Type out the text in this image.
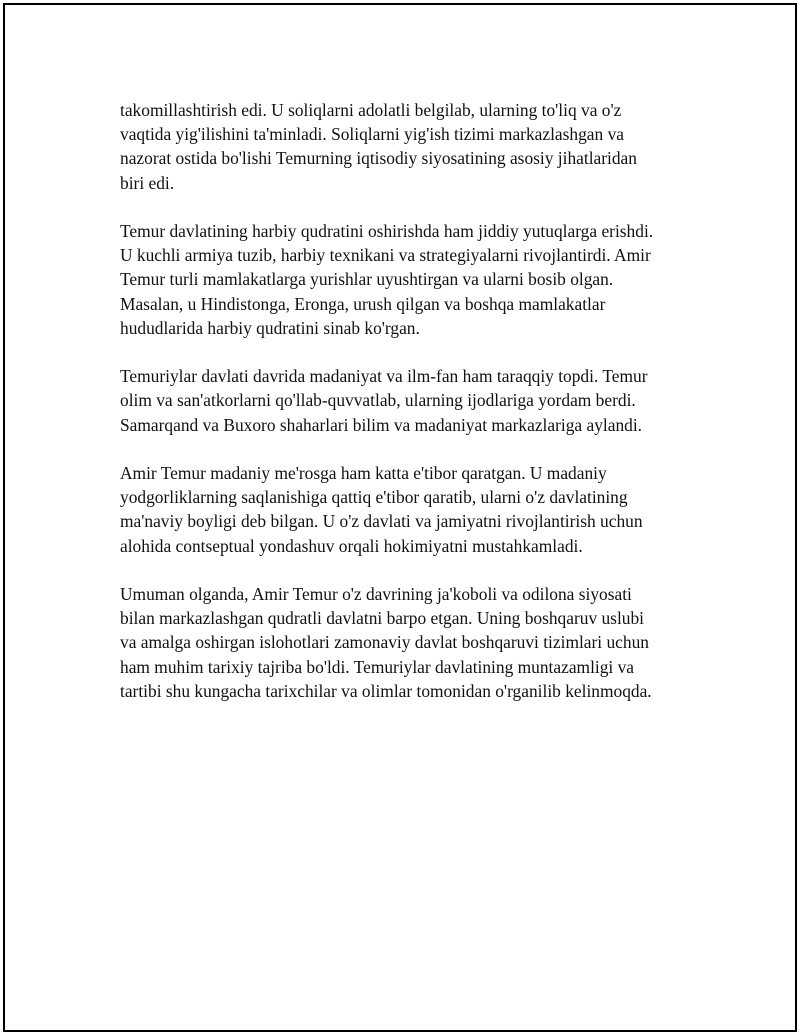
takomillashtirish edi. U soliqlarni adolatli belgilab, ularning to'liq va o'z
vaqtida yig'ilishini ta'minladi. Soliqlarni yig'ish tizimi markazlashgan va
nazorat ostida bo'lishi Temurning iqtisodiy siyosatining asosiy jihatlaridan
biri edi.

Temur davlatining harbiy qudratini oshirishda ham jiddiy yutuqlarga erishdi.
U kuchli armiya tuzib, harbiy texnikani va strategiyalarni rivojlantirdi. Amir
Temur turli mamlakatlarga yurishlar uyushtirgan va ularni bosib olgan.
Masalan, u Hindistonga, Eronga, urush qilgan va boshqa mamlakatlar
hududlarida harbiy qudratini sinab ko'rgan.

Temuriylar davlati davrida madaniyat va ilm-fan ham taraqqiy topdi. Temur
olim va san'atkorlarni qo'llab-quvvatlab, ularning ijodlariga yordam berdi.
Samarqand va Buxoro shaharlari bilim va madaniyat markazlariga aylandi.

Amir Temur madaniy me'rosga ham katta e'tibor qaratgan. U madaniy
yodgorliklarning saqlanishiga qattiq e'tibor qaratib, ularni o'z davlatining
ma'naviy boyligi deb bilgan. U o'z davlati va jamiyatni rivojlantirish uchun
alohida contseptual yondashuv orqali hokimiyatni mustahkamladi.

Umuman olganda, Amir Temur o'z davrining ja'koboli va odilona siyosati
bilan markazlashgan qudratli davlatni barpo etgan. Uning boshqaruv uslubi
va amalga oshirgan islohotlari zamonaviy davlat boshqaruvi tizimlari uchun
ham muhim tarixiy tajriba bo'ldi. Temuriylar davlatining muntazamligi va
tartibi shu kungacha tarixchilar va olimlar tomonidan o'rganilib kelinmoqda.
